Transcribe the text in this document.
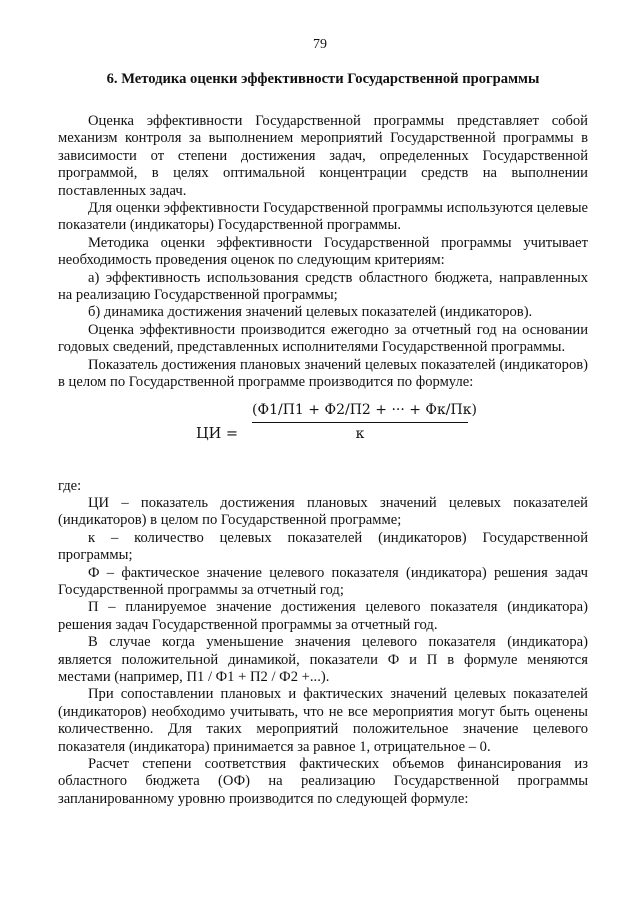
79
6. Методика оценки эффективности Государственной программы

Оценка эффективности Государственной программы представляет собой механизм контроля за выполнением мероприятий Государственной программы в зависимости от степени достижения задач, определенных Государственной программой, в целях оптимальной концентрации средств на выполнении поставленных задач.

Для оценки эффективности Государственной программы используются целевые показатели (индикаторы) Государственной программы.

Методика оценки эффективности Государственной программы учитывает необходимость проведения оценок по следующим критериям:

а) эффективность использования средств областного бюджета, направленных на реализацию Государственной программы;

б) динамика достижения значений целевых показателей (индикаторов).

Оценка эффективности производится ежегодно за отчетный год на основании годовых сведений, представленных исполнителями Государственной программы.

Показатель достижения плановых значений целевых показателей (индикаторов) в целом по Государственной программе производится по формуле:

ЦИ =
(Ф1/П1 + Ф2/П2 + ··· + Фк/Пк)
к

где:

ЦИ – показатель достижения плановых значений целевых показателей (индикаторов) в целом по Государственной программе;

к – количество целевых показателей (индикаторов) Государственной программы;

Ф – фактическое значение целевого показателя (индикатора) решения задач Государственной программы за отчетный год;

П – планируемое значение достижения целевого показателя (индикатора) решения задач Государственной программы за отчетный год.

В случае когда уменьшение значения целевого показателя (индикатора) является положительной динамикой, показатели Ф и П в формуле меняются местами (например, П1 / Ф1 + П2 / Ф2 +...).

При сопоставлении плановых и фактических значений целевых показателей (индикаторов) необходимо учитывать, что не все мероприятия могут быть оценены количественно. Для таких мероприятий положительное значение целевого показателя (индикатора) принимается за равное 1, отрицательное – 0.

Расчет степени соответствия фактических объемов финансирования из областного бюджета (ОФ) на реализацию Государственной программы запланированному уровню производится по следующей формуле:
